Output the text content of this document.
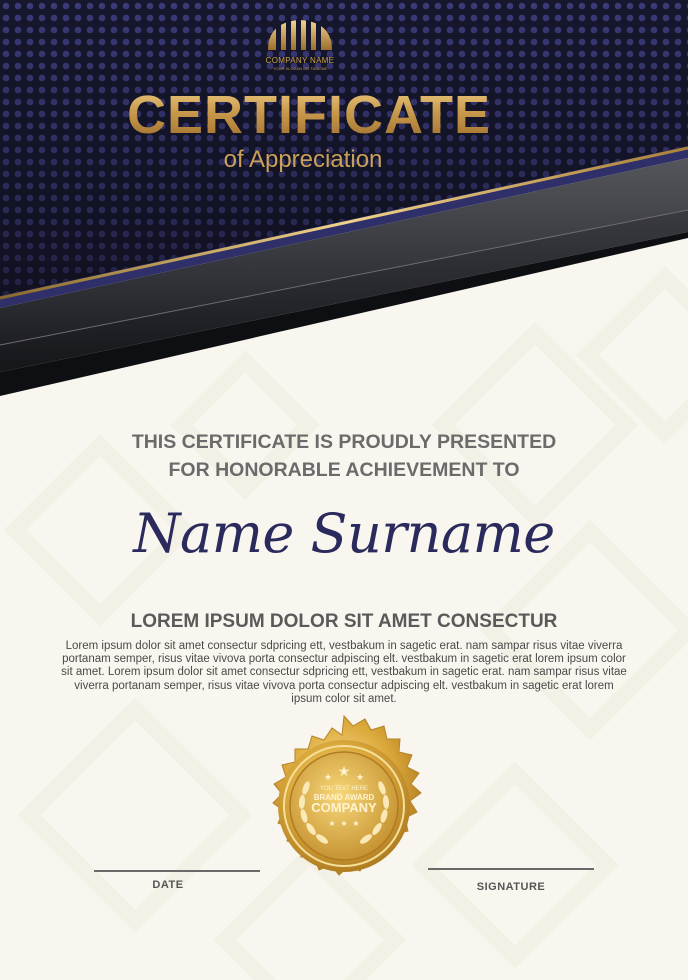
★
★	★
★ ★ ★
COMPANY NAME
YOUR SLOGAN OR TAGLINE
CERTIFICATE
of Appreciation
THIS CERTIFICATE IS PROUDLY PRESENTED
FOR HONORABLE ACHIEVEMENT TO
Name Surname
LOREM IPSUM DOLOR SIT AMET CONSECTUR
Lorem ipsum dolor sit amet consectur sdpricing ett, vestbakum in sagetic erat. nam sampar risus vitae viverra portanam semper, risus vitae vivova porta consectur adpiscing elt. vestbakum in sagetic erat lorem ipsum color sit amet. Lorem ipsum dolor sit amet consectur sdpricing ett, vestbakum in sagetic erat. nam sampar risus vitae viverra portanam semper, risus vitae vivova porta consectur adpiscing elt. vestbakum in sagetic erat lorem ipsum color sit amet.
YOU TEXT HERE
BRAND AWARD
COMPANY
DATE	SIGNATURE
